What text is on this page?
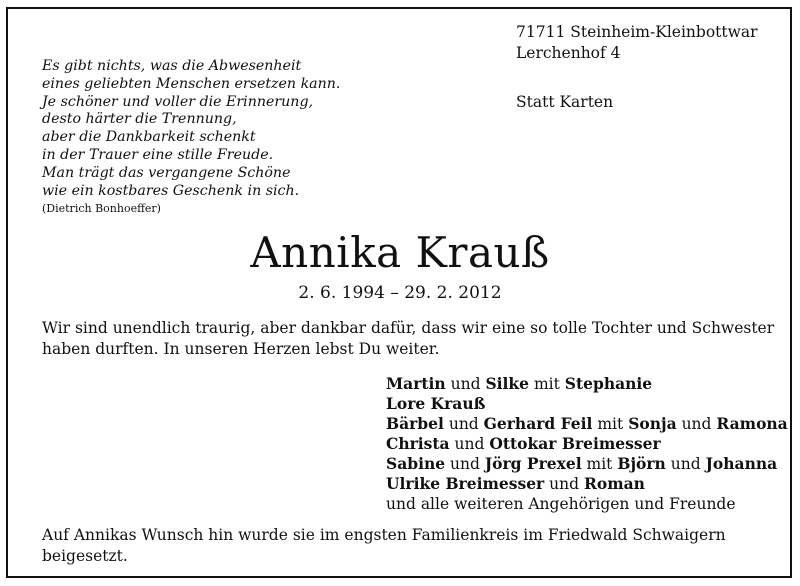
71711 Steinheim-Kleinbottwar
Lerchenhof 4
Statt Karten
Es gibt nichts, was die Abwesenheit
eines geliebten Menschen ersetzen kann.
Je schöner und voller die Erinnerung,
desto härter die Trennung,
aber die Dankbarkeit schenkt
in der Trauer eine stille Freude.
Man trägt das vergangene Schöne
wie ein kostbares Geschenk in sich.
(Dietrich Bonhoeffer)
Annika Krauß
2. 6. 1994 – 29. 2. 2012
Wir sind unendlich traurig, aber dankbar dafür, dass wir eine so tolle Tochter und Schwester
haben durften. In unseren Herzen lebst Du weiter.
Martin und Silke mit Stephanie
Lore Krauß
Bärbel und Gerhard Feil mit Sonja und Ramona
Christa und Ottokar Breimesser
Sabine und Jörg Prexel mit Björn und Johanna
Ulrike Breimesser und Roman
und alle weiteren Angehörigen und Freunde
Auf Annikas Wunsch hin wurde sie im engsten Familienkreis im Friedwald Schwaigern
beigesetzt.
